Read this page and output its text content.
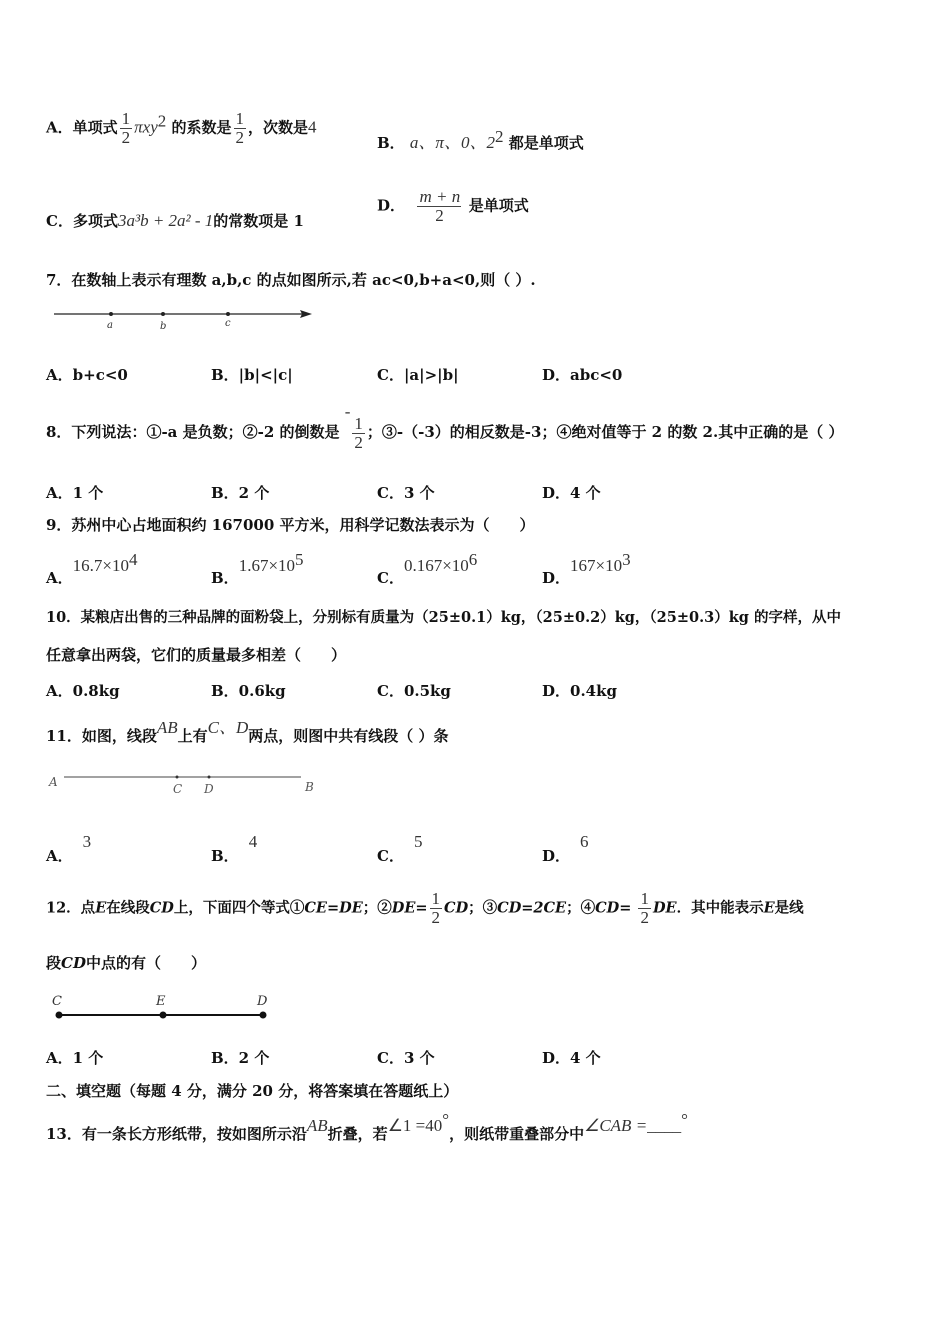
A．单项式 $\frac{1}{2} \pi xy^2$ 的系数是 $\frac{1}{2}$ ，次数是4
B． a、π、0、$2^2$ 都是单项式
C．多项式3a³b + 2a² - 1的常数项是 1
D． $\frac{m + n}{2}$ 是单项式
7．在数轴上表示有理数 a,b,c 的点如图所示,若 ac<0,b+a<0,则（ ）.
a	b	c
A．b+c<0	B．|b|<|c|	C．|a|>|b|	D．abc<0
8．下列说法：①-a 是负数；②-2 的倒数是 -
$\frac{1}{2}$ ；③-（-3）的相反数是-3；④绝对值等于 2 的数 2.其中正确的是（ ）
A．1 个	B．2 个	C．3 个	D．4 个
9．苏州中心占地面积约 167000 平方米，用科学记数法表示为（　　）
A．$16.7\times 10^4$
B．$1.67\times 10^5$
C．$0.167\times 10^6$
D．$167\times 10^3$
10．某粮店出售的三种品牌的面粉袋上，分别标有质量为（25±0.1）kg，（25±0.2）kg，（25±0.3）kg 的字样，从中
任意拿出两袋，它们的质量最多相差（　　）
A．0.8kg	B．0.6kg	C．0.5kg	D．0.4kg
11．如图，线段AB上有C、D两点，则图中共有线段（ ）条
A	C D	B
A．3
B．4
C．5
D．6
12．点E在线段CD上，下面四个等式①CE=DE；②DE= $\frac{1}{2}$ CD；③CD=2CE；④CD= $\frac{1}{2}$ DE．其中能表示E是线
段CD中点的有（　　）
C	E	D
A．1 个	B．2 个	C．3 个	D．4 个
二、填空题（每题 4 分，满分 20 分，将答案填在答题纸上）
13．有一条长方形纸带，按如图所示沿AB折叠，若∠1 =40°，则纸带重叠部分中∠CAB =____°
